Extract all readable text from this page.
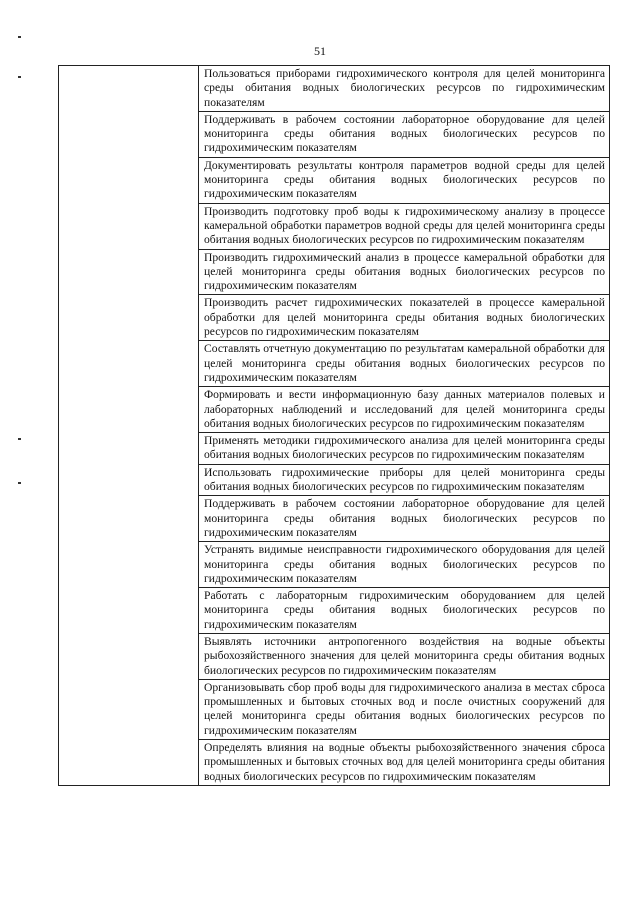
51

Пользоваться приборами гидрохимического контроля для целей мониторинга среды обитания водных биологических ресурсов по гидрохимическим показателям

Поддерживать в рабочем состоянии лабораторное оборудование для целей мониторинга среды обитания водных биологических ресурсов по гидрохимическим показателям

Документировать результаты контроля параметров водной среды для целей мониторинга среды обитания водных биологических ресурсов по гидрохимическим показателям

Производить подготовку проб воды к гидрохимическому анализу в процессе камеральной обработки параметров водной среды для целей мониторинга среды обитания водных биологических ресурсов по гидрохимическим показателям

Производить гидрохимический анализ в процессе камеральной обработки для целей мониторинга среды обитания водных биологических ресурсов по гидрохимическим показателям

Производить расчет гидрохимических показателей в процессе камеральной обработки для целей мониторинга среды обитания водных биологических ресурсов по гидрохимическим показателям

Составлять отчетную документацию по результатам камеральной обработки для целей мониторинга среды обитания водных биологических ресурсов по гидрохимическим показателям

Формировать и вести информационную базу данных материалов полевых и лабораторных наблюдений и исследований для целей мониторинга среды обитания водных биологических ресурсов по гидрохимическим показателям

Применять методики гидрохимического анализа для целей мониторинга среды обитания водных биологических ресурсов по гидрохимическим показателям

Использовать гидрохимические приборы для целей мониторинга среды обитания водных биологических ресурсов по гидрохимическим показателям

Поддерживать в рабочем состоянии лабораторное оборудование для целей мониторинга среды обитания водных биологических ресурсов по гидрохимическим показателям

Устранять видимые неисправности гидрохимического оборудования для целей мониторинга среды обитания водных биологических ресурсов по гидрохимическим показателям

Работать с лабораторным гидрохимическим оборудованием для целей мониторинга среды обитания водных биологических ресурсов по гидрохимическим показателям

Выявлять источники антропогенного воздействия на водные объекты рыбохозяйственного значения для целей мониторинга среды обитания водных биологических ресурсов по гидрохимическим показателям

Организовывать сбор проб воды для гидрохимического анализа в местах сброса промышленных и бытовых сточных вод и после очистных сооружений для целей мониторинга среды обитания водных биологических ресурсов по гидрохимическим показателям

Определять влияния на водные объекты рыбохозяйственного значения сброса промышленных и бытовых сточных вод для целей мониторинга среды обитания водных биологических ресурсов по гидрохимическим показателям
